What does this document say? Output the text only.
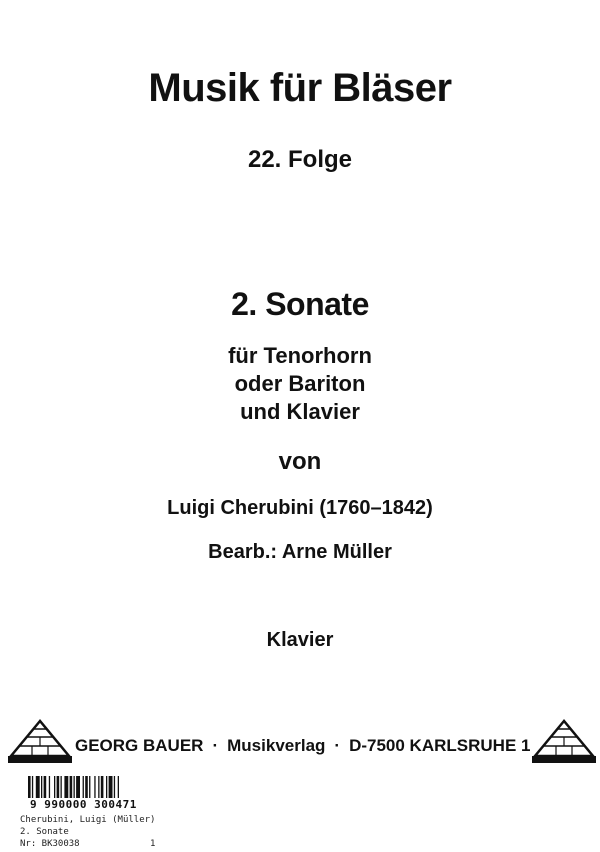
Musik für Bläser
22. Folge
2. Sonate
für Tenorhorn
oder Bariton
und Klavier
von
Luigi Cherubini (1760–1842)
Bearb.: Arne Müller
Klavier
GEORG BAUER · Musikverlag · D-7500 KARLSRUHE 1
9 990000 300471
Cherubini, Luigi (Müller)
2. Sonate
Nr: BK30038	1
